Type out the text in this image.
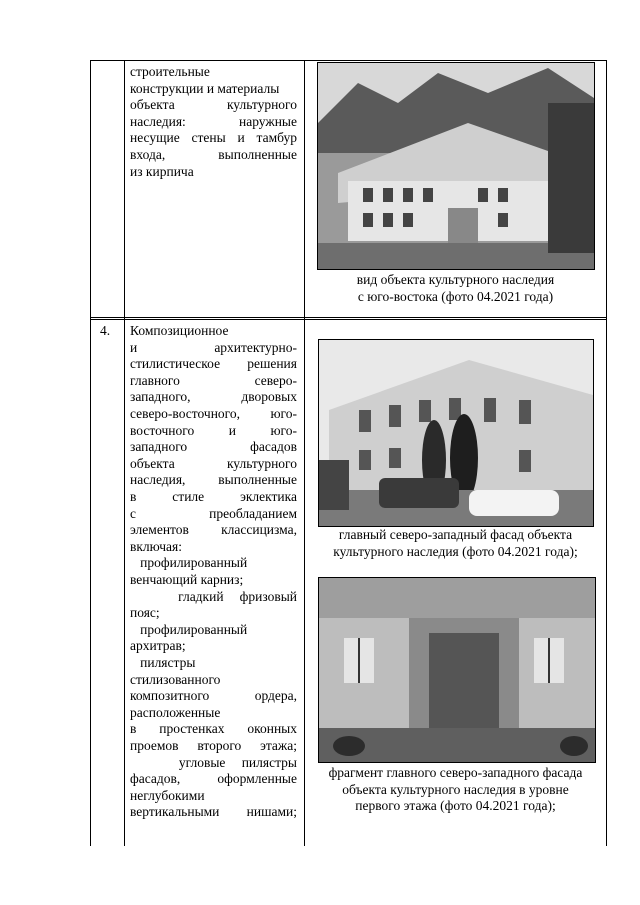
строительные
конструкции и материалы
объекта культурного
наследия: наружные
несущие стены и тамбур
входа, выполненные
из кирпича
вид объекта культурного наследия
с юго-востока (фото 04.2021 года)
4. Композиционное
и архитектурно-
стилистическое решения
главного северо-
западного, дворовых
северо-восточного, юго-
восточного и юго-
западного фасадов
объекта культурного
наследия, выполненные
в стиле эклектика
с преобладанием
элементов классицизма,
включая:
профилированный
венчающий карниз;
гладкий фризовый
пояс;
профилированный
архитрав;
пилястры
стилизованного
композитного ордера,
расположенные
в простенках оконных
проемов второго этажа;
угловые пилястры
фасадов, оформленные
неглубокими
вертикальными нишами;
главный северо-западный фасад объекта
культурного наследия (фото 04.2021 года);
фрагмент главного северо-западного фасада
объекта культурного наследия в уровне
первого этажа (фото 04.2021 года);
